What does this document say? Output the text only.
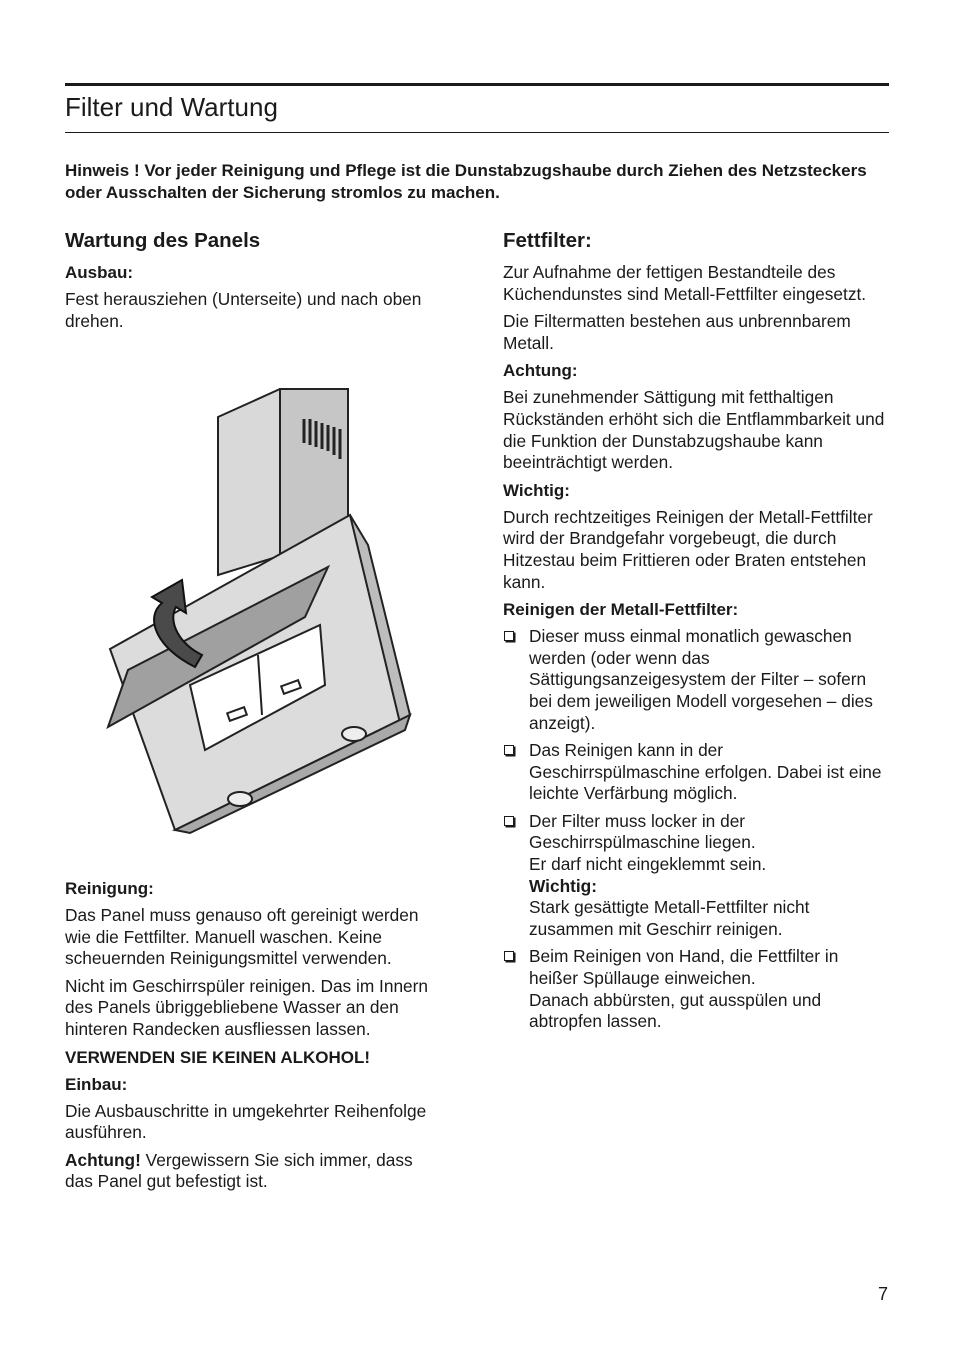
Filter und Wartung

Hinweis ! Vor jeder Reinigung und Pflege ist die Dunstabzugshaube durch Ziehen des Netzsteckers oder Ausschalten der Sicherung stromlos zu machen.

Wartung des Panels
Ausbau:

Fest herausziehen (Unterseite) und nach oben drehen.

Reinigung:

Das Panel muss genauso oft gereinigt werden wie die Fettfilter. Manuell waschen. Keine scheuernden Reinigungsmittel verwenden.

Nicht im Geschirrspüler reinigen. Das im Innern des Panels übriggebliebene Wasser an den hinteren Randecken ausfliessen lassen.

VERWENDEN SIE KEINEN ALKOHOL!
Einbau:

Die Ausbauschritte in umgekehrter Reihenfolge ausführen.

Achtung! Vergewissern Sie sich immer, dass das Panel gut befestigt ist.

Fettfilter:

Zur Aufnahme der fettigen Bestandteile des Küchendunstes sind Metall-Fettfilter eingesetzt.

Die Filtermatten bestehen aus unbrennbarem Metall.

Achtung:

Bei zunehmender Sättigung mit fetthaltigen Rückständen erhöht sich die Entflammbarkeit und die Funktion der Dunstabzugshaube kann beeinträchtigt werden.

Wichtig:

Durch rechtzeitiges Reinigen der Metall-Fettfilter wird der Brandgefahr vorgebeugt, die durch Hitzestau beim Frittieren oder Braten entstehen kann.

Reinigen der Metall-Fettfilter:
Dieser muss einmal monatlich gewaschen werden (oder wenn das Sättigungsanzeigesystem der Filter – sofern bei dem jeweiligen Modell vorgesehen – dies anzeigt).
Das Reinigen kann in der Geschirrspülmaschine erfolgen. Dabei ist eine leichte Verfärbung möglich.
Der Filter muss locker in der Geschirrspülmaschine liegen.
Er darf nicht eingeklemmt sein.
Wichtig:
Stark gesättigte Metall-Fettfilter nicht zusammen mit Geschirr reinigen.
Beim Reinigen von Hand, die Fettfilter in heißer Spüllauge einweichen.
Danach abbürsten, gut ausspülen und abtropfen lassen.
7
